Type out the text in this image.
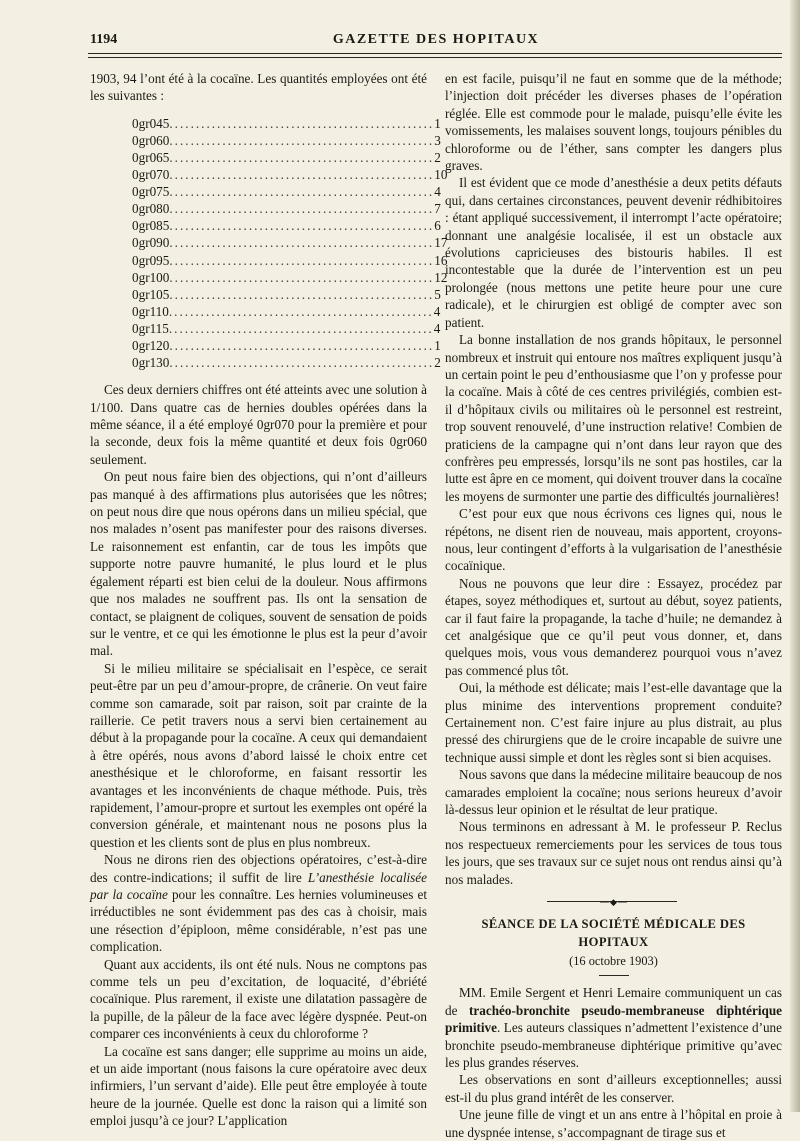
1194	GAZETTE DES HOPITAUX

1903, 94 l’ont été à la cocaïne. Les quantités employées ont été les suivantes :

0gr045 .................................................. 1
0gr060 .................................................. 3
0gr065 .................................................. 2
0gr070 .................................................. 10
0gr075 .................................................. 4
0gr080 .................................................. 7
0gr085 .................................................. 6
0gr090 .................................................. 17
0gr095 .................................................. 16
0gr100 .................................................. 12
0gr105 .................................................. 5
0gr110 .................................................. 4
0gr115 .................................................. 4
0gr120 .................................................. 1
0gr130 .................................................. 2

Ces deux derniers chiffres ont été atteints avec une solution à 1/100. Dans quatre cas de hernies doubles opérées dans la même séance, il a été employé 0gr070 pour la première et pour la seconde, deux fois la même quantité et deux fois 0gr060 seulement.

On peut nous faire bien des objections, qui n’ont d’ailleurs pas manqué à des affirmations plus autorisées que les nôtres; on peut nous dire que nous opérons dans un milieu spécial, que nos malades n’osent pas manifester pour des raisons diverses. Le raisonnement est enfantin, car de tous les impôts que supporte notre pauvre humanité, le plus lourd et le plus également réparti est bien celui de la douleur. Nous affirmons que nos malades ne souffrent pas. Ils ont la sensation de contact, se plaignent de coliques, souvent de sensation de poids sur le ventre, et ce qui les émotionne le plus est la peur d’avoir mal.

Si le milieu militaire se spécialisait en l’espèce, ce serait peut-être par un peu d’amour-propre, de crânerie. On veut faire comme son camarade, soit par raison, soit par crainte de la raillerie. Ce petit travers nous a servi bien certainement au début à la propagande pour la cocaïne. A ceux qui demandaient à être opérés, nous avons d’abord laissé le choix entre cet anesthésique et le chloroforme, en faisant ressortir les avantages et les inconvénients de chaque méthode. Puis, très rapidement, l’amour-propre et surtout les exemples ont opéré la conversion générale, et maintenant nous ne posons plus la question et les clients sont de plus en plus nombreux.

Nous ne dirons rien des objections opératoires, c’est-à-dire des contre-indications; il suffit de lire L’anesthésie localisée par la cocaïne pour les connaître. Les hernies volumineuses et irréductibles ne sont évidemment pas des cas à choisir, mais une résection d’épiploon, même considérable, n’est pas une complication.

Quant aux accidents, ils ont été nuls. Nous ne comptons pas comme tels un peu d’excitation, de loquacité, d’ébriété cocaïnique. Plus rarement, il existe une dilatation passagère de la pupille, de la pâleur de la face avec légère dyspnée. Peut-on comparer ces inconvénients à ceux du chloroforme ?

La cocaïne est sans danger; elle supprime au moins un aide, et un aide important (nous faisons la cure opératoire avec deux infirmiers, l’un servant d’aide). Elle peut être employée à toute heure de la journée. Quelle est donc la raison qui a limité son emploi jusqu’à ce jour? L’application

en est facile, puisqu’il ne faut en somme que de la méthode; l’injection doit précéder les diverses phases de l’opération réglée. Elle est commode pour le malade, puisqu’elle évite les vomissements, les malaises souvent longs, toujours pénibles du chloroforme ou de l’éther, sans compter les dangers plus graves.

Il est évident que ce mode d’anesthésie a deux petits défauts qui, dans certaines circonstances, peuvent devenir rédhibitoires : étant appliqué successivement, il interrompt l’acte opératoire; donnant une analgésie localisée, il est un obstacle aux évolutions capricieuses des bistouris habiles. Il est incontestable que la durée de l’intervention est un peu prolongée (nous mettons une petite heure pour une cure radicale), et le chirurgien est obligé de compter avec son patient.

La bonne installation de nos grands hôpitaux, le personnel nombreux et instruit qui entoure nos maîtres expliquent jusqu’à un certain point le peu d’enthousiasme que l’on y professe pour la cocaïne. Mais à côté de ces centres privilégiés, combien est-il d’hôpitaux civils ou militaires où le personnel est restreint, trop souvent renouvelé, d’une instruction relative! Combien de praticiens de la campagne qui n’ont dans leur rayon que des confrères peu empressés, lorsqu’ils ne sont pas hostiles, car la lutte est âpre en ce moment, qui doivent trouver dans la cocaïne les moyens de surmonter une partie des difficultés journalières!

C’est pour eux que nous écrivons ces lignes qui, nous le répétons, ne disent rien de nouveau, mais apportent, croyons-nous, leur contingent d’efforts à la vulgarisation de l’anesthésie cocaïnique.

Nous ne pouvons que leur dire : Essayez, procédez par étapes, soyez méthodiques et, surtout au début, soyez patients, car il faut faire la propagande, la tache d’huile; ne demandez à cet analgésique que ce qu’il peut vous donner, et, dans quelques mois, vous vous demanderez pourquoi vous n’avez pas commencé plus tôt.

Oui, la méthode est délicate; mais l’est-elle davantage que la plus minime des interventions proprement conduite? Certainement non. C’est faire injure au plus distrait, au plus pressé des chirurgiens que de le croire incapable de suivre une technique aussi simple et dont les règles sont si bien acquises.

Nous savons que dans la médecine militaire beaucoup de nos camarades emploient la cocaïne; nous serions heureux d’avoir là-dessus leur opinion et le résultat de leur pratique.

Nous terminons en adressant à M. le professeur P. Reclus nos respectueux remerciements pour les services de tous tous les jours, que ses travaux sur ce sujet nous ont rendus ainsi qu’à nos malades.

—◆—
SÉANCE DE LA SOCIÉTÉ MÉDICALE DES HOPITAUX
(16 octobre 1903)

MM. Emile Sergent et Henri Lemaire communiquent un cas de trachéo-bronchite pseudo-membraneuse diphtérique primitive. Les auteurs classiques n’admettent l’existence d’une bronchite pseudo-membraneuse diphtérique primitive qu’avec les plus grandes réserves.

Les observations en sont d’ailleurs exceptionnelles; aussi est-il du plus grand intérêt de les conserver.

Une jeune fille de vingt et un ans entre à l’hôpital en proie à une dyspnée intense, s’accompagnant de tirage sus et
